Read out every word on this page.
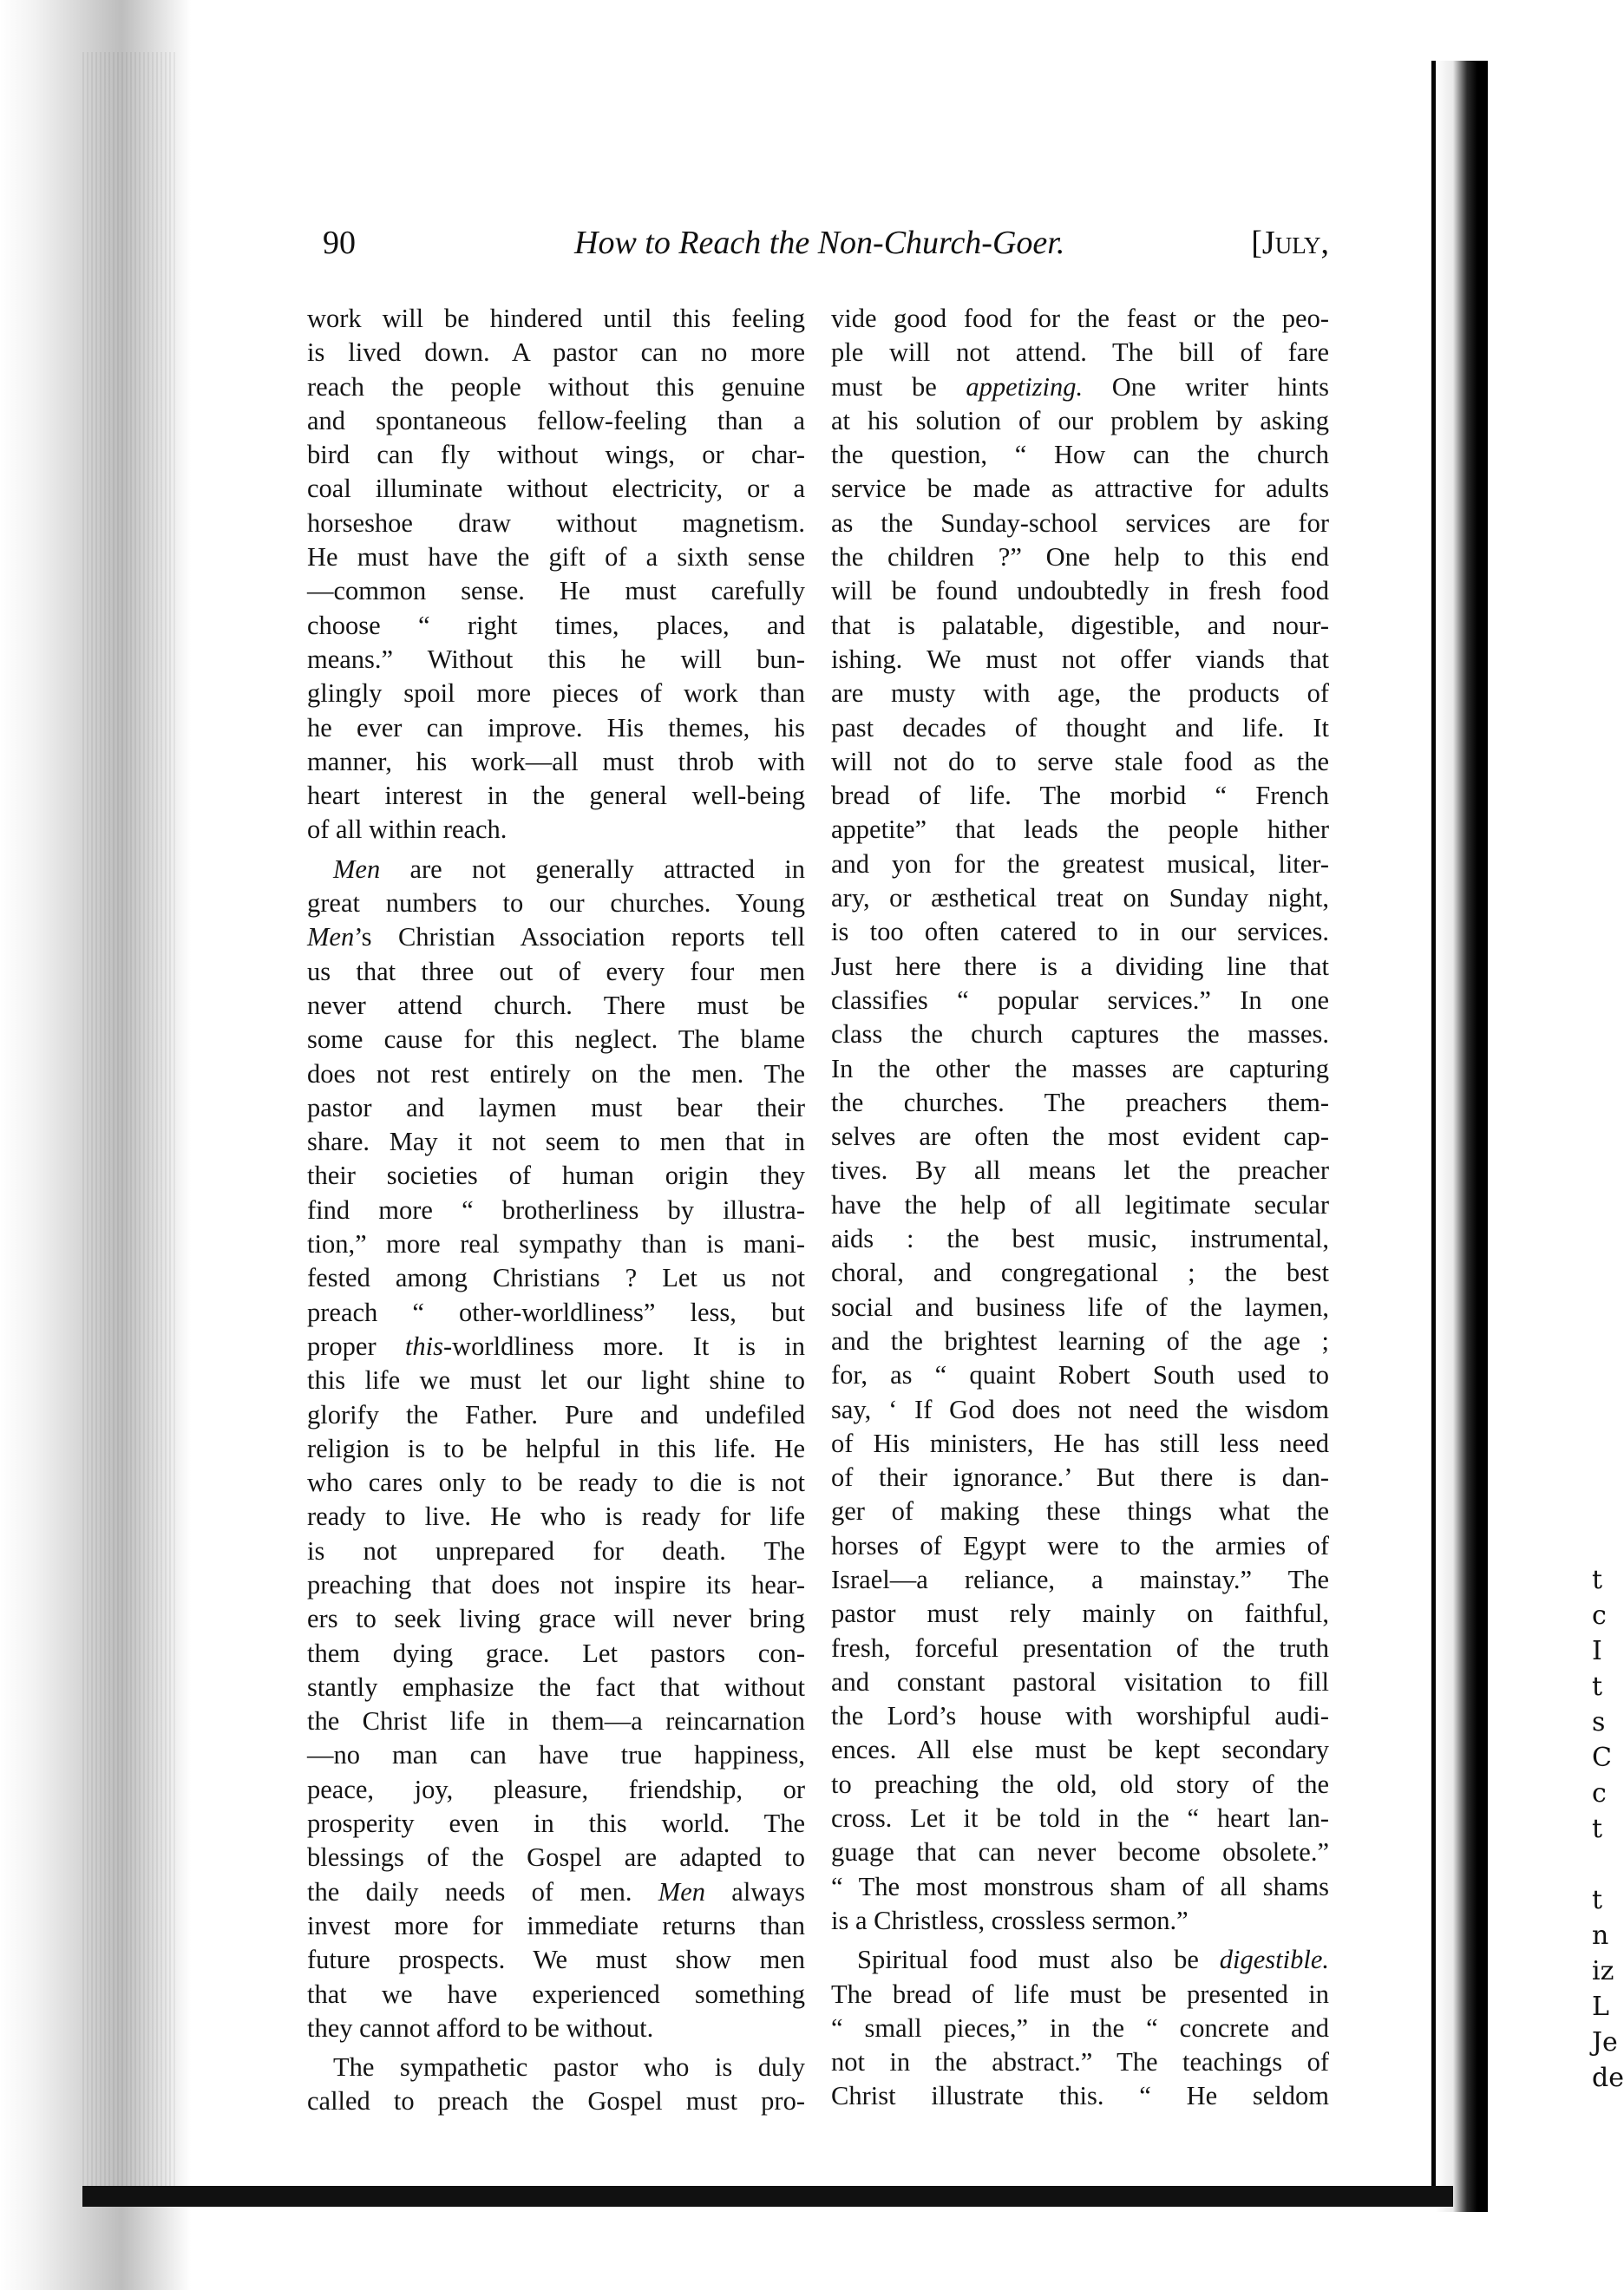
90	How to Reach the Non-Church-Goer.	[July,
work will be hindered until this feeling
is lived down. A pastor can no more
reach the people without this genuine
and spontaneous fellow-feeling than a
bird can fly without wings, or char-
coal illuminate without electricity, or a
horseshoe draw without magnetism.
He must have the gift of a sixth sense
—common sense. He must carefully
choose “ right times, places, and
means.” Without this he will bun-
glingly spoil more pieces of work than
he ever can improve. His themes, his
manner, his work—all must throb with
heart interest in the general well-being
of all within reach.
Men are not generally attracted in
great numbers to our churches. Young
Men’s Christian Association reports tell
us that three out of every four men
never attend church. There must be
some cause for this neglect. The blame
does not rest entirely on the men. The
pastor and laymen must bear their
share. May it not seem to men that in
their societies of human origin they
find more “ brotherliness by illustra-
tion,” more real sympathy than is mani-
fested among Christians ? Let us not
preach “ other-worldliness” less, but
proper this-worldliness more. It is in
this life we must let our light shine to
glorify the Father. Pure and undefiled
religion is to be helpful in this life. He
who cares only to be ready to die is not
ready to live. He who is ready for life
is not unprepared for death. The
preaching that does not inspire its hear-
ers to seek living grace will never bring
them dying grace. Let pastors con-
stantly emphasize the fact that without
the Christ life in them—a reincarnation
—no man can have true happiness,
peace, joy, pleasure, friendship, or
prosperity even in this world. The
blessings of the Gospel are adapted to
the daily needs of men. Men always
invest more for immediate returns than
future prospects. We must show men
that we have experienced something
they cannot afford to be without.
The sympathetic pastor who is duly
called to preach the Gospel must pro-
vide good food for the feast or the peo-
ple will not attend. The bill of fare
must be appetizing. One writer hints
at his solution of our problem by asking
the question, “ How can the church
service be made as attractive for adults
as the Sunday-school services are for
the children ?” One help to this end
will be found undoubtedly in fresh food
that is palatable, digestible, and nour-
ishing. We must not offer viands that
are musty with age, the products of
past decades of thought and life. It
will not do to serve stale food as the
bread of life. The morbid “ French
appetite” that leads the people hither
and yon for the greatest musical, liter-
ary, or æsthetical treat on Sunday night,
is too often catered to in our services.
Just here there is a dividing line that
classifies “ popular services.” In one
class the church captures the masses.
In the other the masses are capturing
the churches. The preachers them-
selves are often the most evident cap-
tives. By all means let the preacher
have the help of all legitimate secular
aids : the best music, instrumental,
choral, and congregational ; the best
social and business life of the laymen,
and the brightest learning of the age ;
for, as “ quaint Robert South used to
say, ‘ If God does not need the wisdom
of His ministers, He has still less need
of their ignorance.’ But there is dan-
ger of making these things what the
horses of Egypt were to the armies of
Israel—a reliance, a mainstay.” The
pastor must rely mainly on faithful,
fresh, forceful presentation of the truth
and constant pastoral visitation to fill
the Lord’s house with worshipful audi-
ences. All else must be kept secondary
to preaching the old, old story of the
cross. Let it be told in the “ heart lan-
guage that can never become obsolete.”
“ The most monstrous sham of all shams
is a Christless, crossless sermon.”
Spiritual food must also be digestible.
The bread of life must be presented in
“ small pieces,” in the “ concrete and
not in the abstract.” The teachings of
Christ illustrate this. “ He seldom
t
c
I
t
s
C
c
t
t
n
iz
L
Je
de
